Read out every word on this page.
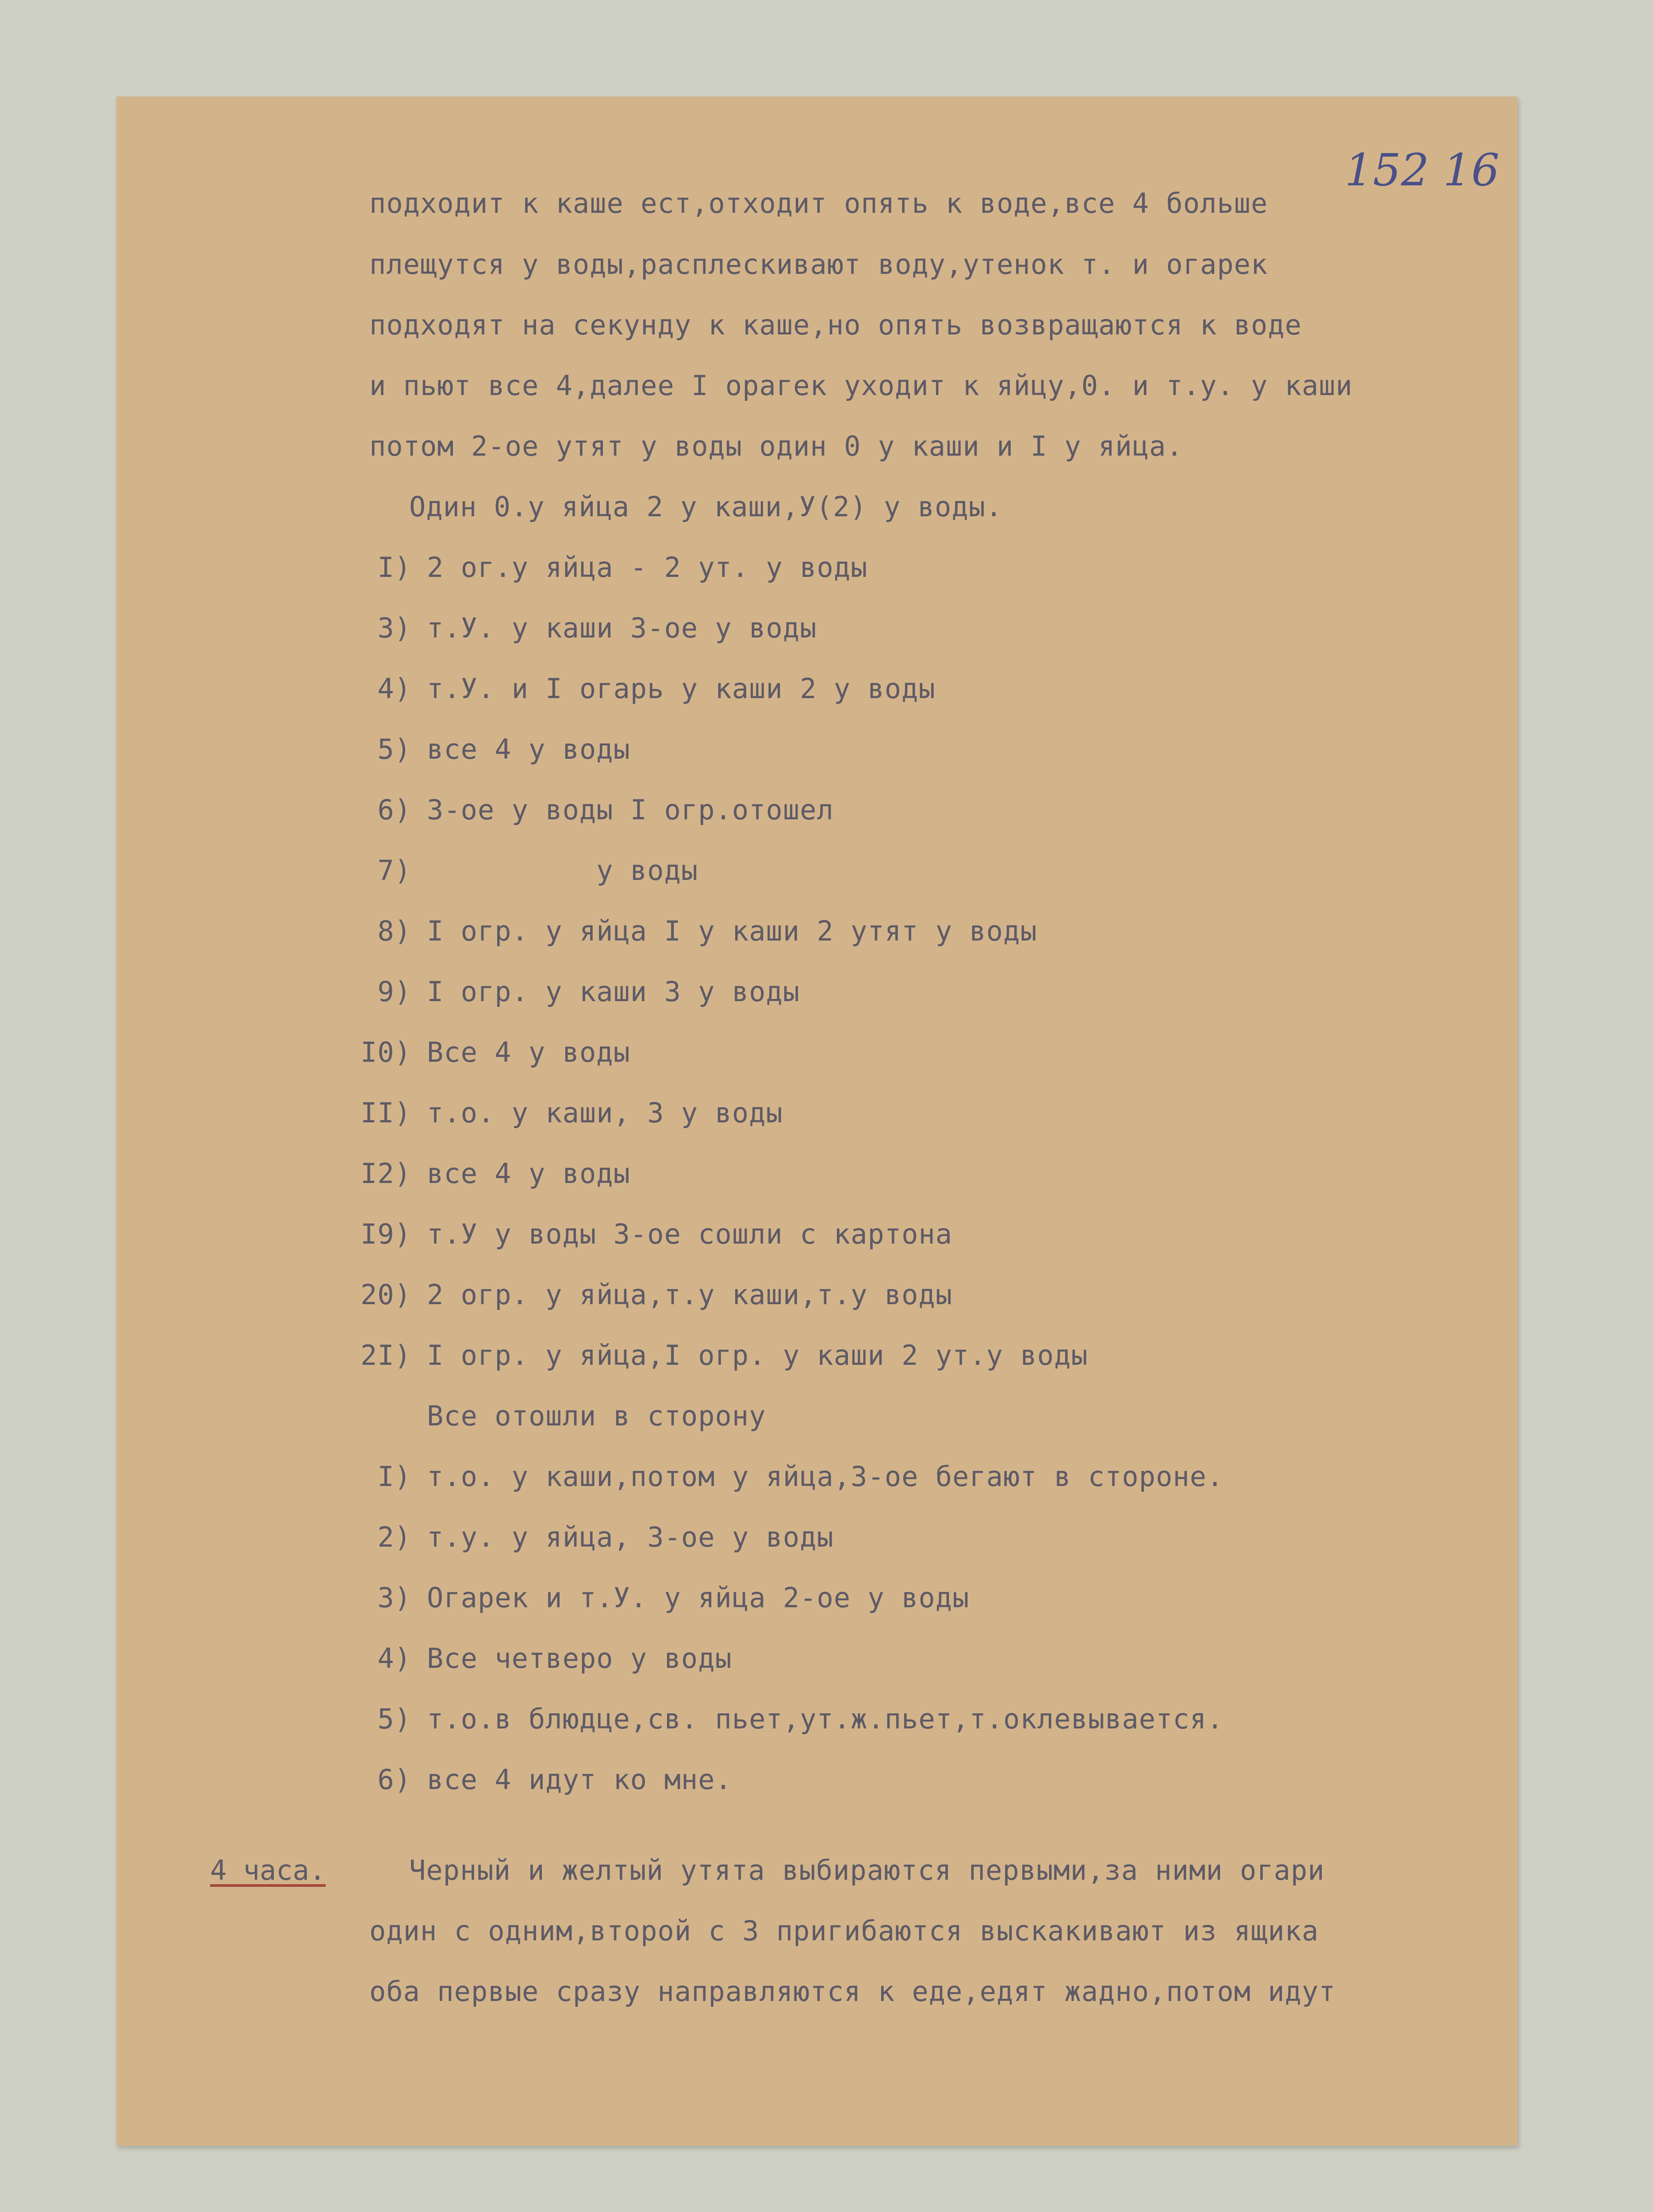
152 16
подходит к каше ест,отходит опять к воде,все 4 больше
плещутся у воды,расплескивают воду,утенок т. и огарек
подходят на секунду к каше,но опять возвращаются к воде
и пьют все 4,далее I орагек уходит к яйцу,0. и т.у. у каши
потом 2-ое утят у воды один 0 у каши и I у яйца.
Один 0.у яйца 2 у каши,У(2) у воды.
I) 2 ог.у яйца - 2 ут. у воды
3) т.У. у каши 3-ое у воды
4) т.У. и I огарь у каши 2 у воды
5) все 4 у воды
6) 3-ое у воды I огр.отошел
7) у воды
8) I огр. у яйца I у каши 2 утят у воды
9) I огр. у каши 3 у воды
I0) Все 4 у воды
II) т.о. у каши, 3 у воды
I2) все 4 у воды
I9) т.У у воды 3-ое сошли с картона
20) 2 огр. у яйца,т.у каши,т.у воды
2I) I огр. у яйца,I огр. у каши 2 ут.у воды
Все отошли в сторону
I) т.о. у каши,потом у яйца,3-ое бегают в стороне.
2) т.у. у яйца, 3-ое у воды
3) Огарек и т.У. у яйца 2-ое у воды
4) Все четверо у воды
5) т.о.в блюдце,св. пьет,ут.ж.пьет,т.оклевывается.
6) все 4 идут ко мне.
4 часа.	Черный и желтый утята выбираются первыми,за ними огари
один с одним,второй с 3 пригибаются выскакивают из ящика
оба первые сразу направляются к еде,едят жадно,потом идут
